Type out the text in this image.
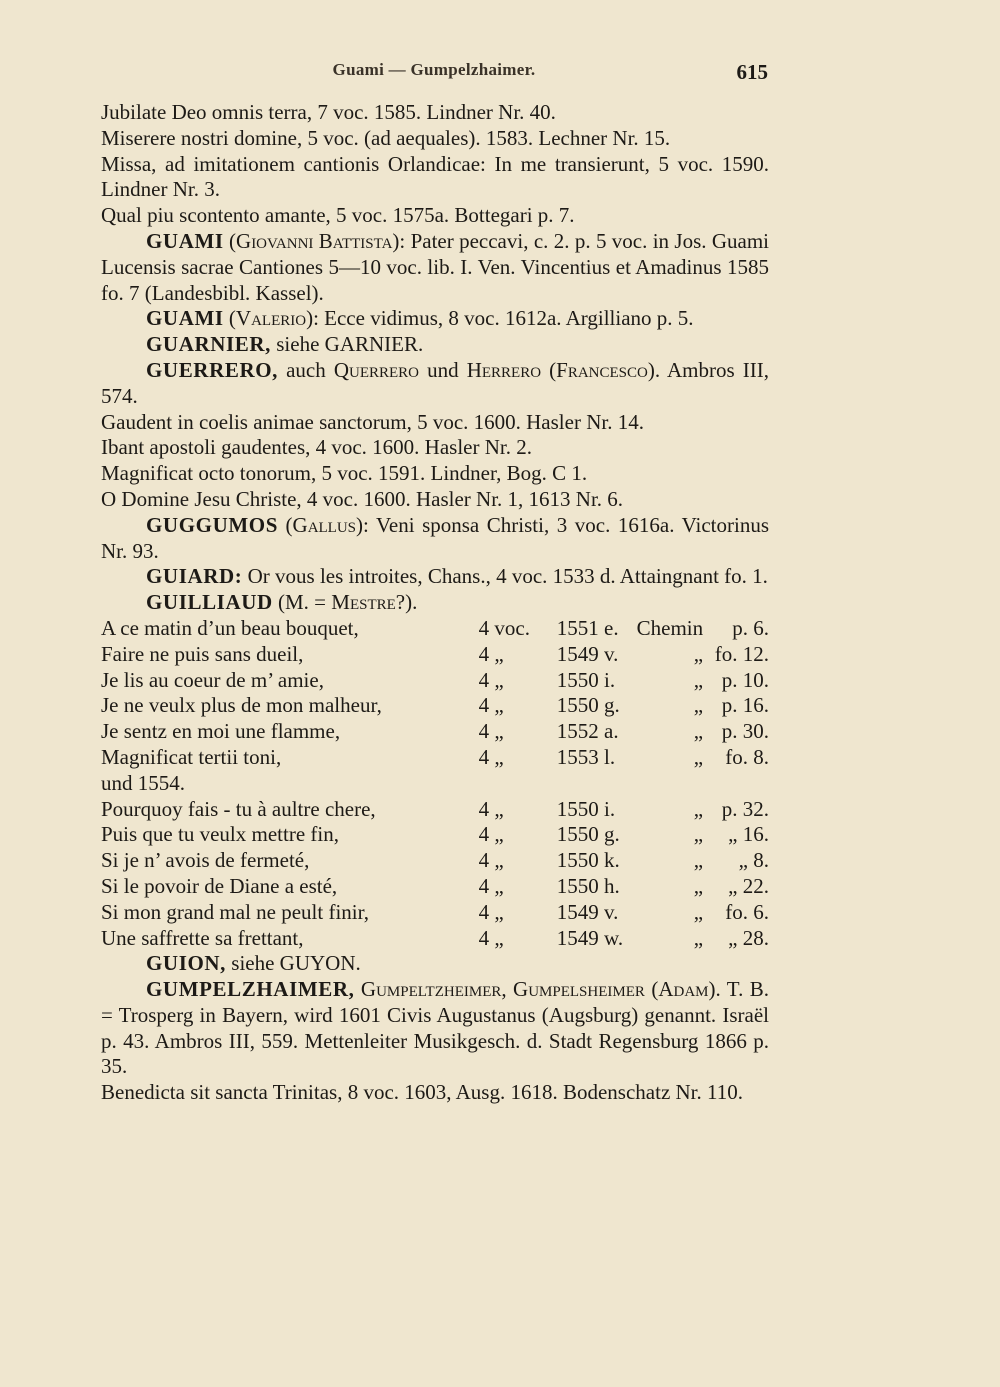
Guami — Gumpelzhaimer.	615

Jubilate Deo omnis terra, 7 voc. 1585. Lindner Nr. 40.

Miserere nostri domine, 5 voc. (ad aequales). 1583. Lechner Nr. 15.

Missa, ad imitationem cantionis Orlandicae: In me transierunt, 5 voc. 1590. Lindner Nr. 3.

Qual piu scontento amante, 5 voc. 1575a. Bottegari p. 7.

GUAMI (Giovanni Battista): Pater peccavi, c. 2. p. 5 voc. in Jos. Guami Lucensis sacrae Cantiones 5—10 voc. lib. I. Ven. Vincentius et Amadinus 1585 fo. 7 (Landesbibl. Kassel).

GUAMI (Valerio): Ecce vidimus, 8 voc. 1612a. Argilliano p. 5.

GUARNIER, siehe GARNIER.

GUERRERO, auch Querrero und Herrero (Francesco). Ambros III, 574.

Gaudent in coelis animae sanctorum, 5 voc. 1600. Hasler Nr. 14.

Ibant apostoli gaudentes, 4 voc. 1600. Hasler Nr. 2.

Magnificat octo tonorum, 5 voc. 1591. Lindner, Bog. C 1.

O Domine Jesu Christe, 4 voc. 1600. Hasler Nr. 1, 1613 Nr. 6.

GUGGUMOS (Gallus): Veni sponsa Christi, 3 voc. 1616a. Victorinus Nr. 93.

GUIARD: Or vous les introites, Chans., 4 voc. 1533 d. Attaingnant fo. 1.

GUILLIAUD (M. = Mestre?).

A ce matin d’un beau bouquet,	4 voc.	1551 e.	Chemin	p. 6.
Faire ne puis sans dueil,	4 „	1549 v.	„	fo. 12.
Je lis au coeur de m’ amie,	4 „	1550 i.	„	p. 10.
Je ne veulx plus de mon malheur,	4 „	1550 g.	„	p. 16.
Je sentz en moi une flamme,	4 „	1552 a.	„	p. 30.
Magnificat tertii toni,	4 „	1553 l.	„	fo. 8.
und 1554.				
Pourquoy fais - tu à aultre chere,	4 „	1550 i.	„	p. 32.
Puis que tu veulx mettre fin,	4 „	1550 g.	„	„ 16.
Si je n’ avois de fermeté,	4 „	1550 k.	„	„ 8.
Si le povoir de Diane a esté,	4 „	1550 h.	„	„ 22.
Si mon grand mal ne peult finir,	4 „	1549 v.	„	fo. 6.
Une saffrette sa frettant,	4 „	1549 w.	„	„ 28.

GUION, siehe GUYON.

GUMPELZHAIMER, Gumpeltzheimer, Gumpelsheimer (Adam). T. B. = Trosperg in Bayern, wird 1601 Civis Augustanus (Augsburg) genannt. Israël p. 43. Ambros III, 559. Mettenleiter Musikgesch. d. Stadt Regensburg 1866 p. 35.

Benedicta sit sancta Trinitas, 8 voc. 1603, Ausg. 1618. Bodenschatz Nr. 110.
